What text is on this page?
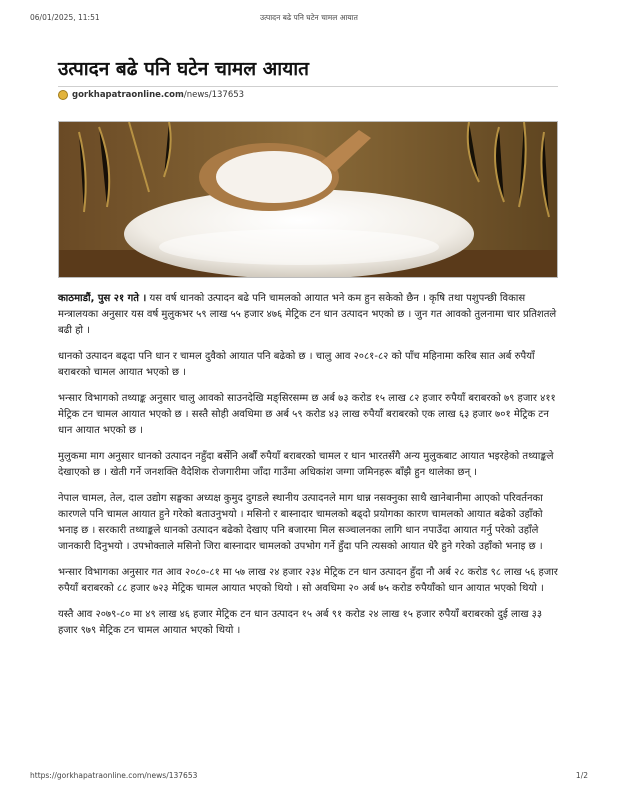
06/01/2025, 11:51	उत्पादन बढे पनि घटेन चामल आयात
उत्पादन बढे पनि घटेन चामल आयात
gorkhapatraonline.com /news/137653

काठमाडौं, पुस २१ गते । यस वर्ष धानको उत्पादन बढे पनि चामलको आयात भने कम हुन सकेको छैन । कृषि तथा पशुपन्छी विकास मन्त्रालयका अनुसार यस वर्ष मुलुकभर ५९ लाख ५५ हजार ४७६ मेट्रिक टन धान उत्पादन भएको छ । जुन गत आवको तुलनामा चार प्रतिशतले बढी हो ।

धानको उत्पादन बढ्दा पनि धान र चामल दुवैको आयात पनि बढेको छ । चालु आव २०८१-८२ को पाँच महिनामा करिब सात अर्ब रुपैयाँ बराबरको चामल आयात भएको छ ।

भन्सार विभागको तथ्याङ्क अनुसार चालु आवको साउनदेखि मङ्सिरसम्म छ अर्ब ७३ करोड १५ लाख ८२ हजार रुपैयाँ बराबरको ७९ हजार ४११ मेट्रिक टन चामल आयात भएको छ । सस्तै सोही अवधिमा छ अर्ब ५९ करोड ४३ लाख रुपैयाँ बराबरको एक लाख ६३ हजार ७०१ मेट्रिक टन धान आयात भएको छ ।

मुलुकमा माग अनुसार धानको उत्पादन नहुँदा बर्सेनि अर्बौं रुपैयाँ बराबरको चामल र धान भारतसँगै अन्य मुलुकबाट आयात भइरहेको तथ्याङ्कले देखाएको छ । खेती गर्ने जनशक्ति वैदेशिक रोजगारीमा जाँदा गाउँमा अधिकांश जग्गा जमिनहरू बाँझै हुन थालेका छन् ।

नेपाल चामल, तेल, दाल उद्योग सङ्घका अध्यक्ष कुमुद दुगडले स्थानीय उत्पादनले माग धान्न नसक्नुका साथै खानेबानीमा आएको परिवर्तनका कारणले पनि चामल आयात हुने गरेको बताउनुभयो । मसिनो र बास्नादार चामलको बढ्दो प्रयोगका कारण चामलको आयात बढेको उहाँको भनाइ छ । सरकारी तथ्याङ्कले धानको उत्पादन बढेको देखाए पनि बजारमा मिल सञ्चालनका लागि धान नपाउँदा आयात गर्नु परेको उहाँले जानकारी दिनुभयो । उपभोक्ताले मसिनो जिरा बास्नादार चामलको उपभोग गर्ने हुँदा पनि त्यसको आयात धेरै हुने गरेको उहाँको भनाइ छ ।

भन्सार विभागका अनुसार गत आव २०८०-८१ मा ५७ लाख २४ हजार २३४ मेट्रिक टन धान उत्पादन हुँदा नौ अर्ब २८ करोड ९८ लाख ५६ हजार रुपैयाँ बराबरको ८८ हजार ७२३ मेट्रिक चामल आयात भएको थियो । सो अवधिमा २० अर्ब ७५ करोड रुपैयाँको धान आयात भएको थियो ।

यस्तै आव २०७९-८० मा ४९ लाख ४६ हजार मेट्रिक टन धान उत्पादन १५ अर्ब ९१ करोड २४ लाख १५ हजार रुपैयाँ बराबरको दुई लाख ३३ हजार ९७९ मेट्रिक टन चामल आयात भएको थियो ।

https://gorkhapatraonline.com/news/137653	1/2
